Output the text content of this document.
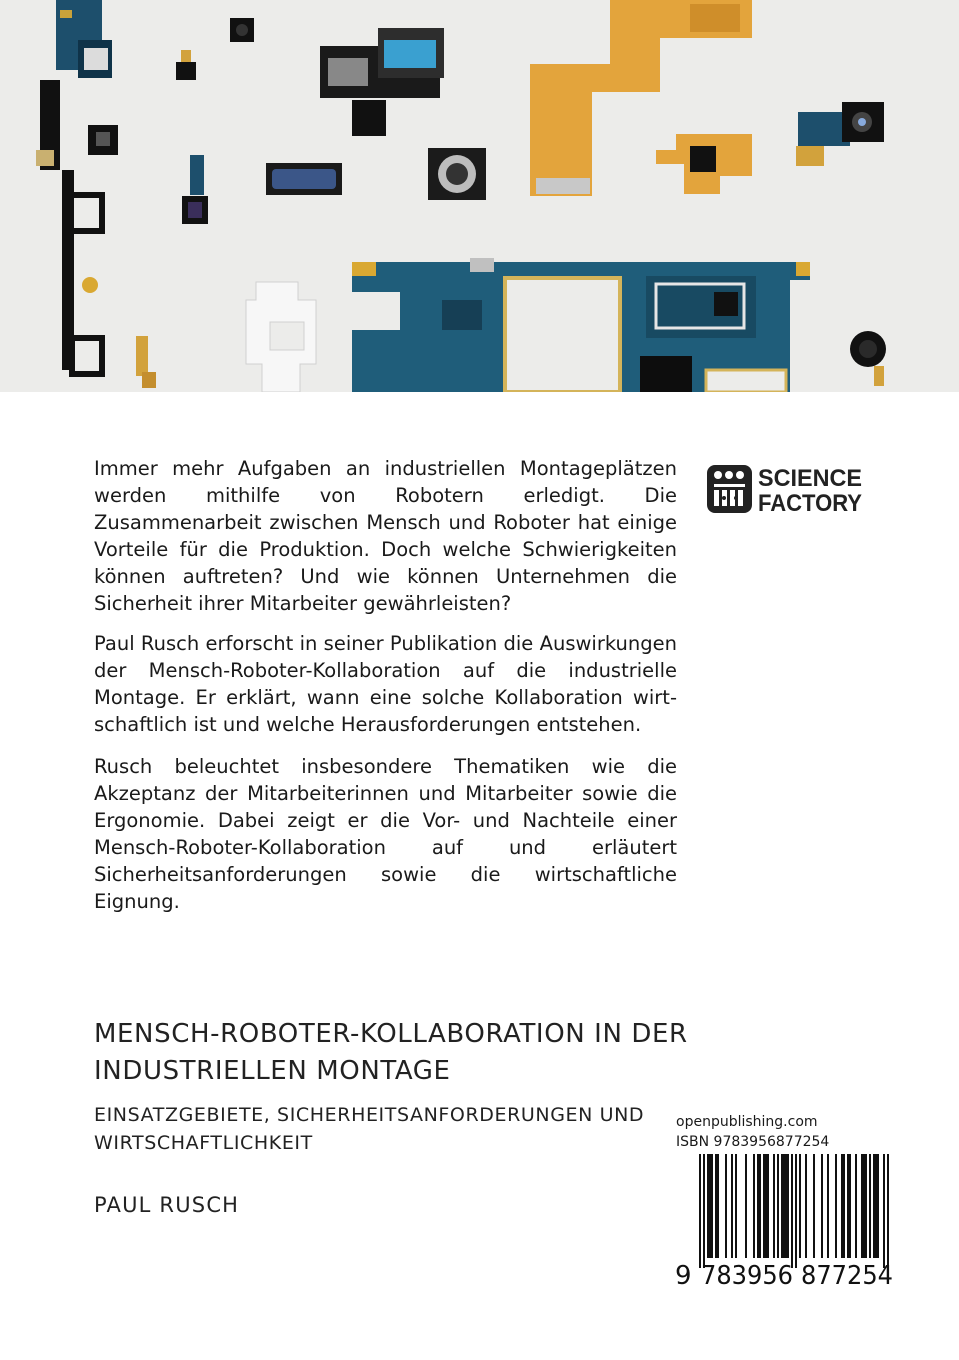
Immer mehr Aufgaben an industriellen Montageplätzen werden mithilfe von Robotern erledigt. Die Zusammenarbeit zwischen Mensch und Roboter hat einige Vorteile für die Produktion. Doch welche Schwierigkeiten können auftreten? Und wie können Unternehmen die Sicherheit ihrer Mitarbeiter gewährleisten?

Paul Rusch erforscht in seiner Publikation die Auswirkungen der Mensch-Roboter-Kollaboration auf die industrielle Montage. Er erklärt, wann eine solche Kollaboration wirtschaftlich ist und welche Herausforderungen entstehen.

Rusch beleuchtet insbesondere Thematiken wie die Akzeptanz der Mitarbeiterinnen und Mitarbeiter sowie die Ergonomie. Dabei zeigt er die Vor- und Nachteile einer Mensch-Roboter-Kollaboration auf und erläutert Sicherheitsanforderungen sowie die wirtschaftliche Eignung.

SCIENCE
FACTORY
MENSCH-ROBOTER-KOLLABORATION IN DER INDUSTRIELLEN MONTAGE
EINSATZGEBIETE, SICHERHEITSANFORDERUNGEN UND WIRTSCHAFTLICHKEIT

PAUL RUSCH

openpublishing.com
ISBN 9783956877254
9 783956 877254
